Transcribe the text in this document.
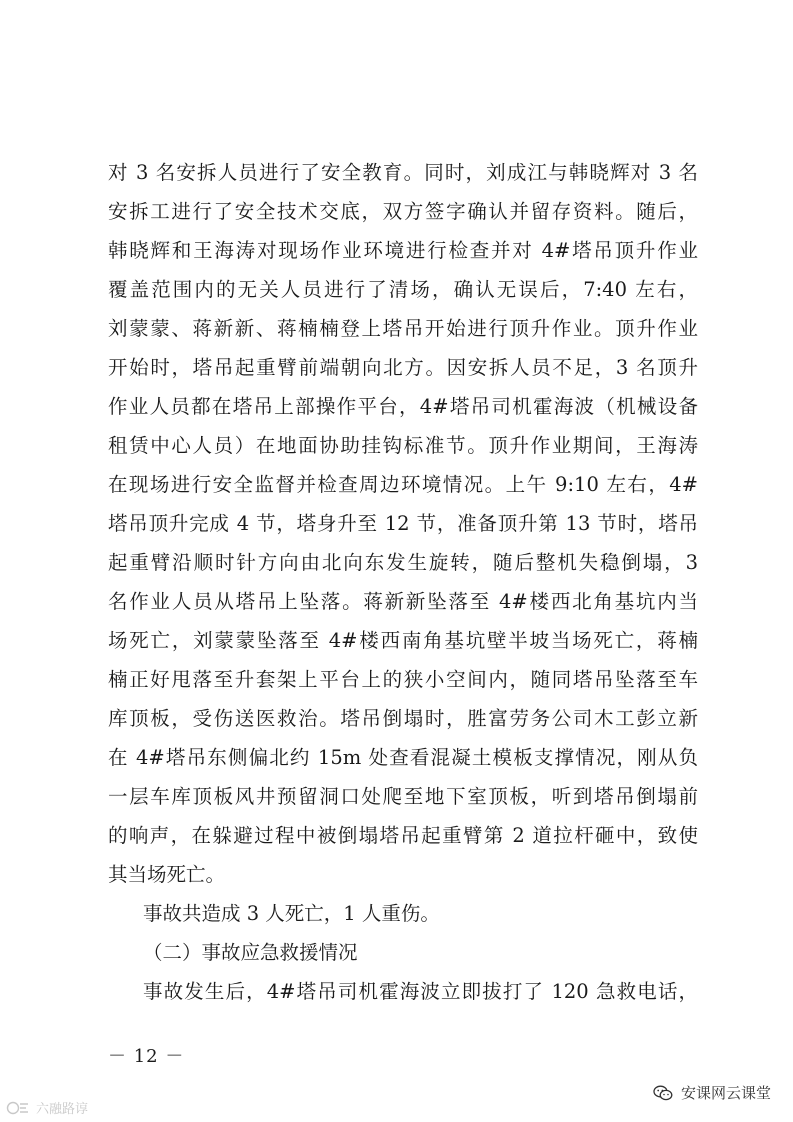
对 3 名安拆人员进行了安全教育。同时，刘成江与韩晓辉对 3 名
安拆工进行了安全技术交底，双方签字确认并留存资料。随后，
韩晓辉和王海涛对现场作业环境进行检查并对 4#塔吊顶升作业
覆盖范围内的无关人员进行了清场，确认无误后，7:40 左右，
刘蒙蒙、蒋新新、蒋楠楠登上塔吊开始进行顶升作业。顶升作业
开始时，塔吊起重臂前端朝向北方。因安拆人员不足，3 名顶升
作业人员都在塔吊上部操作平台，4#塔吊司机霍海波（机械设备
租赁中心人员）在地面协助挂钩标准节。顶升作业期间，王海涛
在现场进行安全监督并检查周边环境情况。上午 9:10 左右，4#
塔吊顶升完成 4 节，塔身升至 12 节，准备顶升第 13 节时，塔吊
起重臂沿顺时针方向由北向东发生旋转，随后整机失稳倒塌，3
名作业人员从塔吊上坠落。蒋新新坠落至 4#楼西北角基坑内当
场死亡，刘蒙蒙坠落至 4#楼西南角基坑壁半坡当场死亡，蒋楠
楠正好甩落至升套架上平台上的狭小空间内，随同塔吊坠落至车
库顶板，受伤送医救治。塔吊倒塌时，胜富劳务公司木工彭立新
在 4#塔吊东侧偏北约 15m 处查看混凝土模板支撑情况，刚从负
一层车库顶板风井预留洞口处爬至地下室顶板，听到塔吊倒塌前
的响声，在躲避过程中被倒塌塔吊起重臂第 2 道拉杆砸中，致使
其当场死亡。
事故共造成 3 人死亡，1 人重伤。
（二）事故应急救援情况
事故发生后，4#塔吊司机霍海波立即拔打了 120 急救电话，
－ 12 －
安课网云课堂
六融路谆
